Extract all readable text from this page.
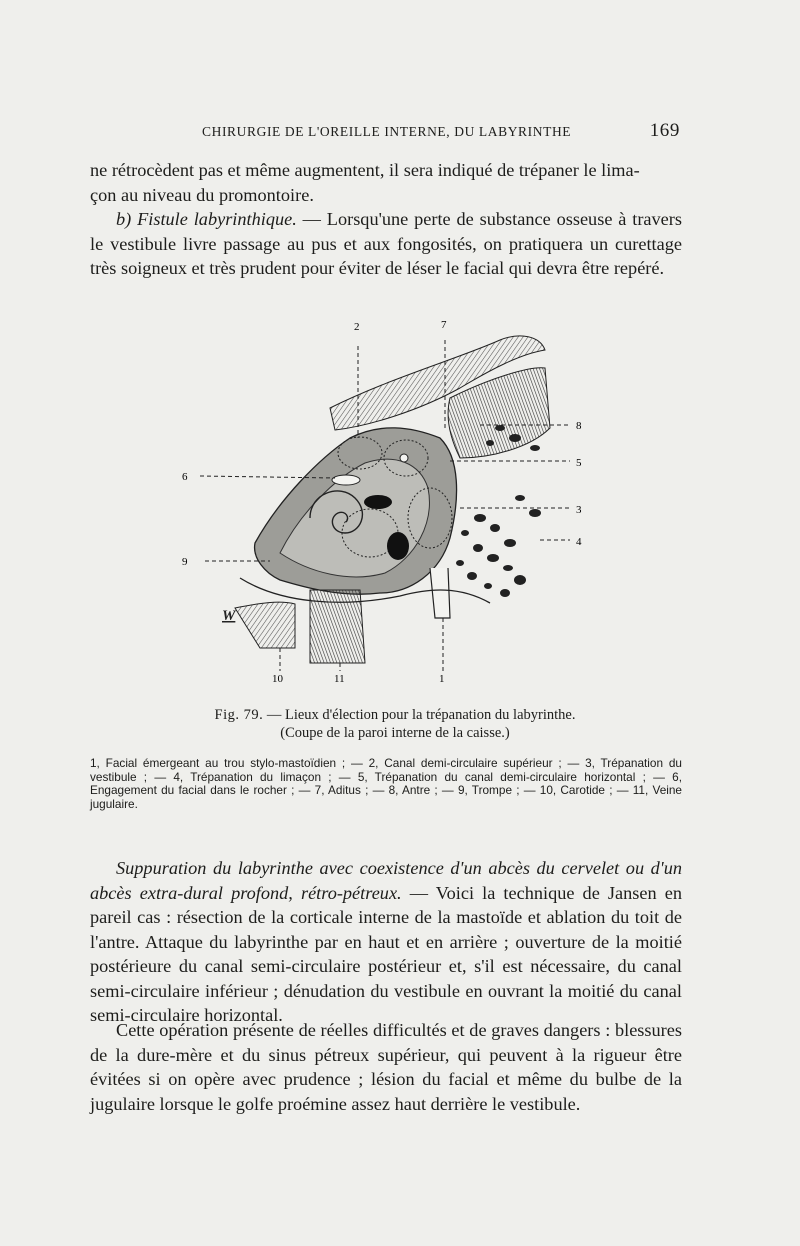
CHIRURGIE DE L'OREILLE INTERNE, DU LABYRINTHE	169

ne rétrocèdent pas et même augmentent, il sera indiqué de trépaner le lima-

çon au niveau du promontoire.

b) Fistule labyrinthique. — Lorsqu'une perte de substance osseuse à travers le vestibule livre passage au pus et aux fongosités, on pratiquera un curettage très soigneux et très prudent pour éviter de léser le facial qui devra être repéré.

W
2	7
8
5
6
3
4
9
10	11	1
Fig. 79. — Lieux d'élection pour la trépanation du labyrinthe.
(Coupe de la paroi interne de la caisse.)

1, Facial émergeant au trou stylo-mastoïdien ; — 2, Canal demi-circulaire supérieur ; — 3, Trépanation du vestibule ; — 4, Trépanation du limaçon ; — 5, Trépanation du canal demi-circulaire horizontal ; — 6, Engagement du facial dans le rocher ; — 7, Aditus ; — 8, Antre ; — 9, Trompe ; — 10, Carotide ; — 11, Veine jugulaire.

Suppuration du labyrinthe avec coexistence d'un abcès du cervelet ou d'un abcès extra-dural profond, rétro-pétreux. — Voici la technique de Jansen en pareil cas : résection de la corticale interne de la mastoïde et ablation du toit de l'antre. Attaque du labyrinthe par en haut et en arrière ; ouverture de la moitié postérieure du canal semi-circulaire postérieur et, s'il est nécessaire, du canal semi-circulaire inférieur ; dénudation du vestibule en ouvrant la moitié du canal semi-circulaire horizontal.

Cette opération présente de réelles difficultés et de graves dangers : blessures de la dure-mère et du sinus pétreux supérieur, qui peuvent à la rigueur être évitées si on opère avec prudence ; lésion du facial et même du bulbe de la jugulaire lorsque le golfe proémine assez haut derrière le vestibule.
